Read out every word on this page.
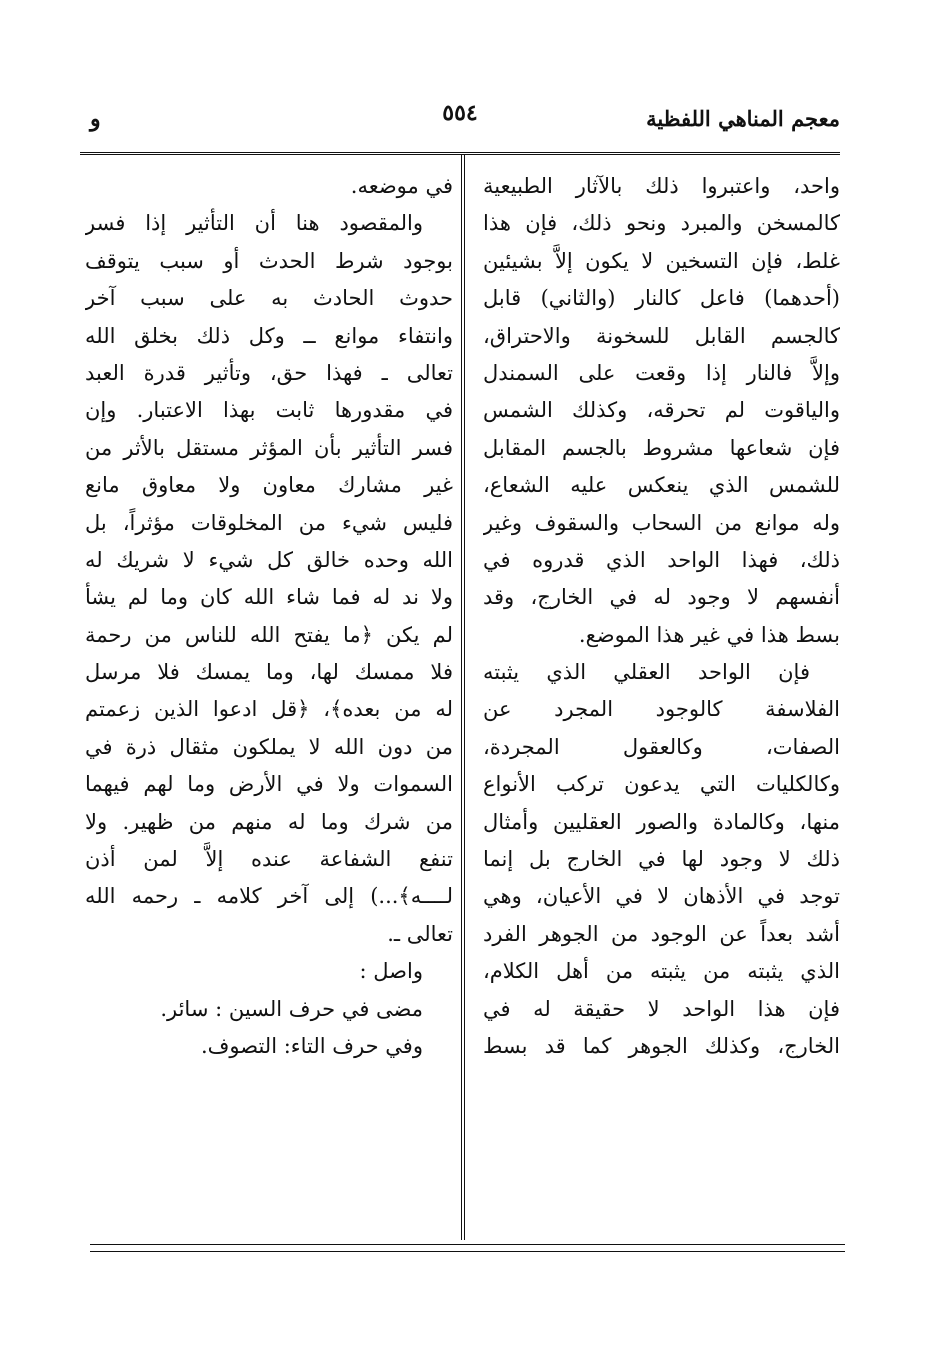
معجم المناهي اللفظية
٥٥٤
و
واحد، واعتبروا ذلك بالآثار الطبيعية
كالمسخن والمبرد ونحو ذلك، فإن هذا
غلط، فإن التسخين لا يكون إلاَّ بشيئين
(أحدهما) فاعل كالنار (والثاني) قابل
كالجسم القابل للسخونة والاحتراق،
وإلاَّ فالنار إذا وقعت على السمندل
والياقوت لم تحرقه، وكذلك الشمس
فإن شعاعها مشروط بالجسم المقابل
للشمس الذي ينعكس عليه الشعاع،
وله موانع من السحاب والسقوف وغير
ذلك، فهذا الواحد الذي قدروه في
أنفسهم لا وجود له في الخارج، وقد
بسط هذا في غير هذا الموضع.
فإن الواحد العقلي الذي يثبته
الفلاسفة كالوجود المجرد عن
الصفات، وكالعقول المجردة،
وكالكليات التي يدعون تركب الأنواع
منها، وكالمادة والصور العقليين وأمثال
ذلك لا وجود لها في الخارج بل إنما
توجد في الأذهان لا في الأعيان، وهي
أشد بعداً عن الوجود من الجوهر الفرد
الذي يثبته من يثبته من أهل الكلام،
فإن هذا الواحد لا حقيقة له في
الخارج، وكذلك الجوهر كما قد بسط
في موضعه.
والمقصود هنا أن التأثير إذا فسر
بوجود شرط الحدث أو سبب يتوقف
حدوث الحادث به على سبب آخر
وانتفاء موانع ــ وكل ذلك بخلق الله
تعالى ـ فهذا حق، وتأثير قدرة العبد
في مقدورها ثابت بهذا الاعتبار. وإن
فسر التأثير بأن المؤثر مستقل بالأثر من
غير مشارك معاون ولا معاوق مانع
فليس شيء من المخلوقات مؤثراً، بل
الله وحده خالق كل شيء لا شريك له
ولا ند له فما شاء الله كان وما لم يشأ
لم يكن ﴿ما يفتح الله للناس من رحمة
فلا ممسك لها، وما يمسك فلا مرسل
له من بعده﴾، ﴿قل ادعوا الذين زعمتم
من دون الله لا يملكون مثقال ذرة في
السموات ولا في الأرض وما لهم فيهما
من شرك وما له منهم من ظهير. ولا
تنفع الشفاعة عنده إلاَّ لمن أذن
لــــه﴾...) إلى آخر كلامه ـ رحمه الله
تعالى ـ.
واصل :
مضى في حرف السين : سائر.
وفي حرف التاء: التصوف.
